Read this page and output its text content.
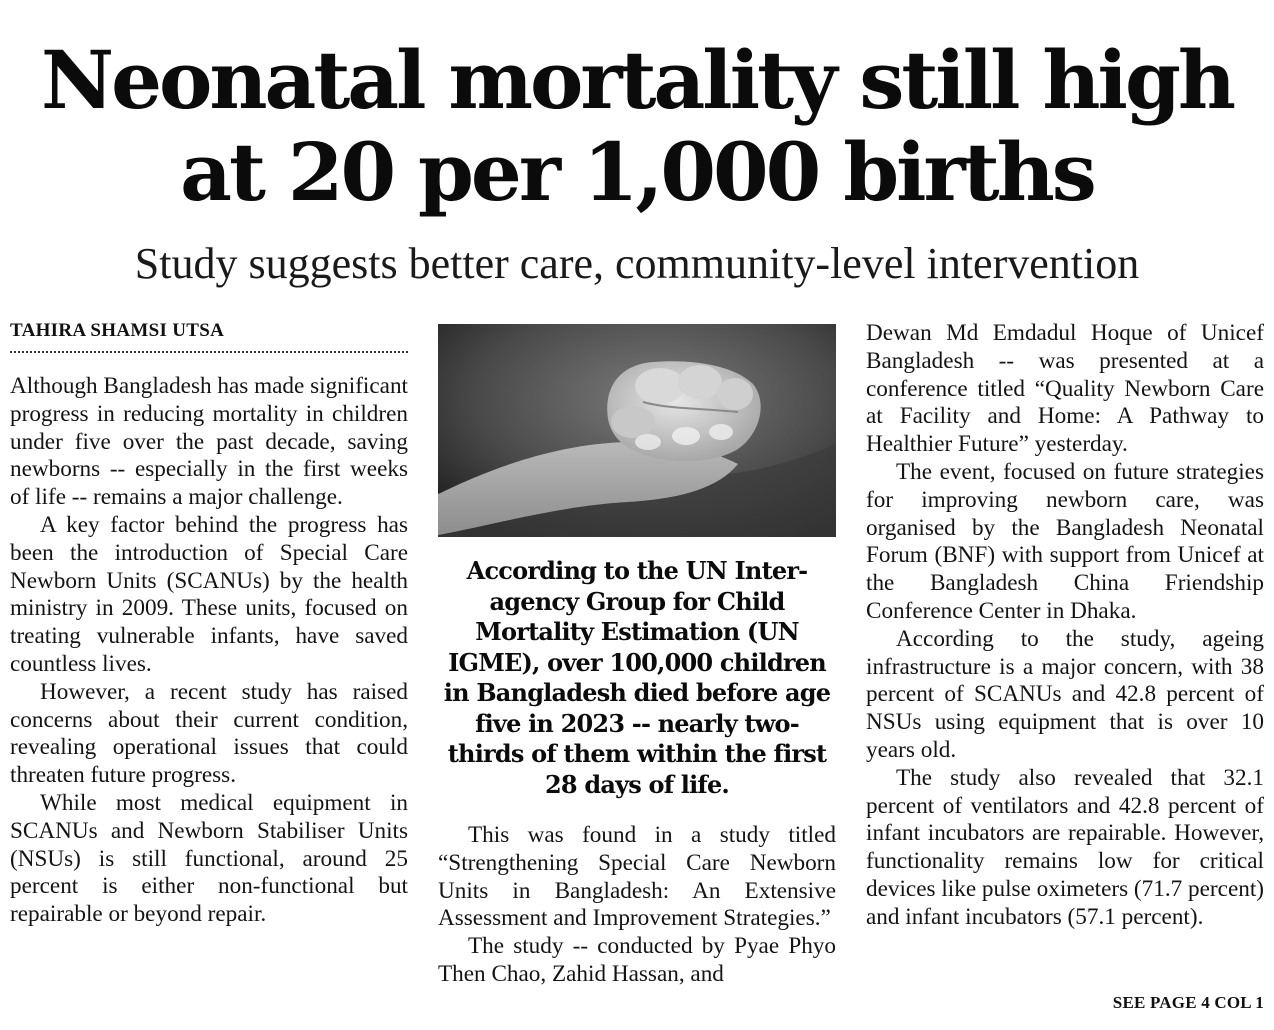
Neonatal mortality still high
at 20 per 1,000 births
Study suggests better care, community-level intervention
TAHIRA SHAMSI UTSA

Although Bangladesh has made significant progress in reducing mortality in children under five over the past decade, saving newborns -- especially in the first weeks of life -- remains a major challenge.

A key factor behind the progress has been the introduction of Special Care Newborn Units (SCANUs) by the health ministry in 2009. These units, focused on treating vulnerable infants, have saved countless lives.

However, a recent study has raised concerns about their current condition, revealing operational issues that could threaten future progress.

While most medical equipment in SCANUs and Newborn Stabiliser Units (NSUs) is still functional, around 25 percent is either non-functional but repairable or beyond repair.

According to the UN Inter-agency Group for Child Mortality Estimation (UN IGME), over 100,000 children in Bangladesh died before age five in 2023 -- nearly two-thirds of them within the first 28 days of life.

This was found in a study titled “Strengthening Special Care Newborn Units in Bangladesh: An Extensive Assessment and Improvement Strategies.”

The study -- conducted by Pyae Phyo Then Chao, Zahid Hassan, and

Dewan Md Emdadul Hoque of Unicef Bangladesh -- was presented at a conference titled “Quality Newborn Care at Facility and Home: A Pathway to Healthier Future” yesterday.

The event, focused on future strategies for improving newborn care, was organised by the Bangladesh Neonatal Forum (BNF) with support from Unicef at the Bangladesh China Friendship Conference Center in Dhaka.

According to the study, ageing infrastructure is a major concern, with 38 percent of SCANUs and 42.8 percent of NSUs using equipment that is over 10 years old.

The study also revealed that 32.1 percent of ventilators and 42.8 percent of infant incubators are repairable. However, functionality remains low for critical devices like pulse oximeters (71.7 percent) and infant incubators (57.1 percent).

SEE PAGE 4 COL 1
